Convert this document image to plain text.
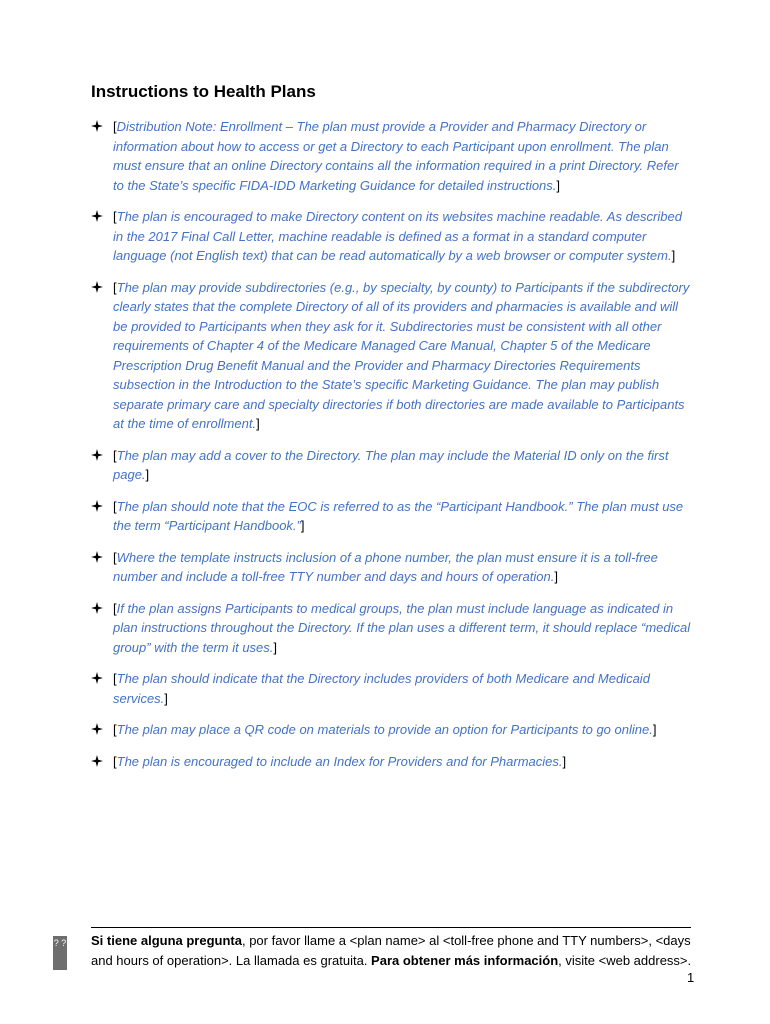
Instructions to Health Plans
[Distribution Note: Enrollment – The plan must provide a Provider and Pharmacy Directory or information about how to access or get a Directory to each Participant upon enrollment. The plan must ensure that an online Directory contains all the information required in a print Directory. Refer to the State’s specific FIDA-IDD Marketing Guidance for detailed instructions.]
[The plan is encouraged to make Directory content on its websites machine readable. As described in the 2017 Final Call Letter, machine readable is defined as a format in a standard computer language (not English text) that can be read automatically by a web browser or computer system.]
[The plan may provide subdirectories (e.g., by specialty, by county) to Participants if the subdirectory clearly states that the complete Directory of all of its providers and pharmacies is available and will be provided to Participants when they ask for it. Subdirectories must be consistent with all other requirements of Chapter 4 of the Medicare Managed Care Manual, Chapter 5 of the Medicare Prescription Drug Benefit Manual and the Provider and Pharmacy Directories Requirements subsection in the Introduction to the State’s specific Marketing Guidance. The plan may publish separate primary care and specialty directories if both directories are made available to Participants at the time of enrollment.]
[The plan may add a cover to the Directory. The plan may include the Material ID only on the first page.]
[The plan should note that the EOC is referred to as the “Participant Handbook.” The plan must use the term “Participant Handbook.”]
[Where the template instructs inclusion of a phone number, the plan must ensure it is a toll-free number and include a toll-free TTY number and days and hours of operation.]
[If the plan assigns Participants to medical groups, the plan must include language as indicated in plan instructions throughout the Directory. If the plan uses a different term, it should replace “medical group” with the term it uses.]
[The plan should indicate that the Directory includes providers of both Medicare and Medicaid services.]
[The plan may place a QR code on materials to provide an option for Participants to go online.]
[The plan is encouraged to include an Index for Providers and for Pharmacies.]
? ? Si tiene alguna pregunta, por favor llame a <plan name> al <toll-free phone and TTY numbers>, <days and hours of operation>. La llamada es gratuita. Para obtener más información, visite <web address>.
1
